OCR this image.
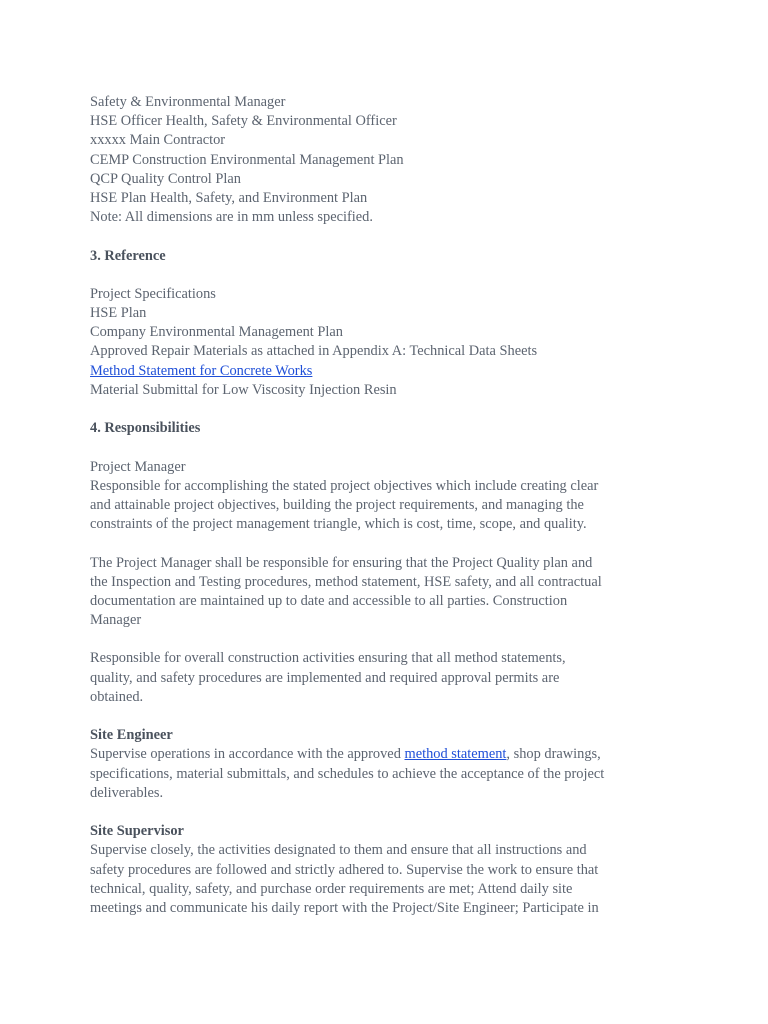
Safety & Environmental Manager
HSE Officer Health, Safety & Environmental Officer
xxxxx Main Contractor
CEMP Construction Environmental Management Plan
QCP Quality Control Plan
HSE Plan Health, Safety, and Environment Plan
Note: All dimensions are in mm unless specified.
3. Reference
Project Specifications
HSE Plan
Company Environmental Management Plan
Approved Repair Materials as attached in Appendix A: Technical Data Sheets
Method Statement for Concrete Works
Material Submittal for Low Viscosity Injection Resin
4. Responsibilities
Project Manager
Responsible for accomplishing the stated project objectives which include creating clear
and attainable project objectives, building the project requirements, and managing the
constraints of the project management triangle, which is cost, time, scope, and quality.
The Project Manager shall be responsible for ensuring that the Project Quality plan and
the Inspection and Testing procedures, method statement, HSE safety, and all contractual
documentation are maintained up to date and accessible to all parties. Construction
Manager
Responsible for overall construction activities ensuring that all method statements,
quality, and safety procedures are implemented and required approval permits are
obtained.
Site Engineer
Supervise operations in accordance with the approved method statement, shop drawings,
specifications, material submittals, and schedules to achieve the acceptance of the project
deliverables.
Site Supervisor
Supervise closely, the activities designated to them and ensure that all instructions and
safety procedures are followed and strictly adhered to. Supervise the work to ensure that
technical, quality, safety, and purchase order requirements are met; Attend daily site
meetings and communicate his daily report with the Project/Site Engineer; Participate in
